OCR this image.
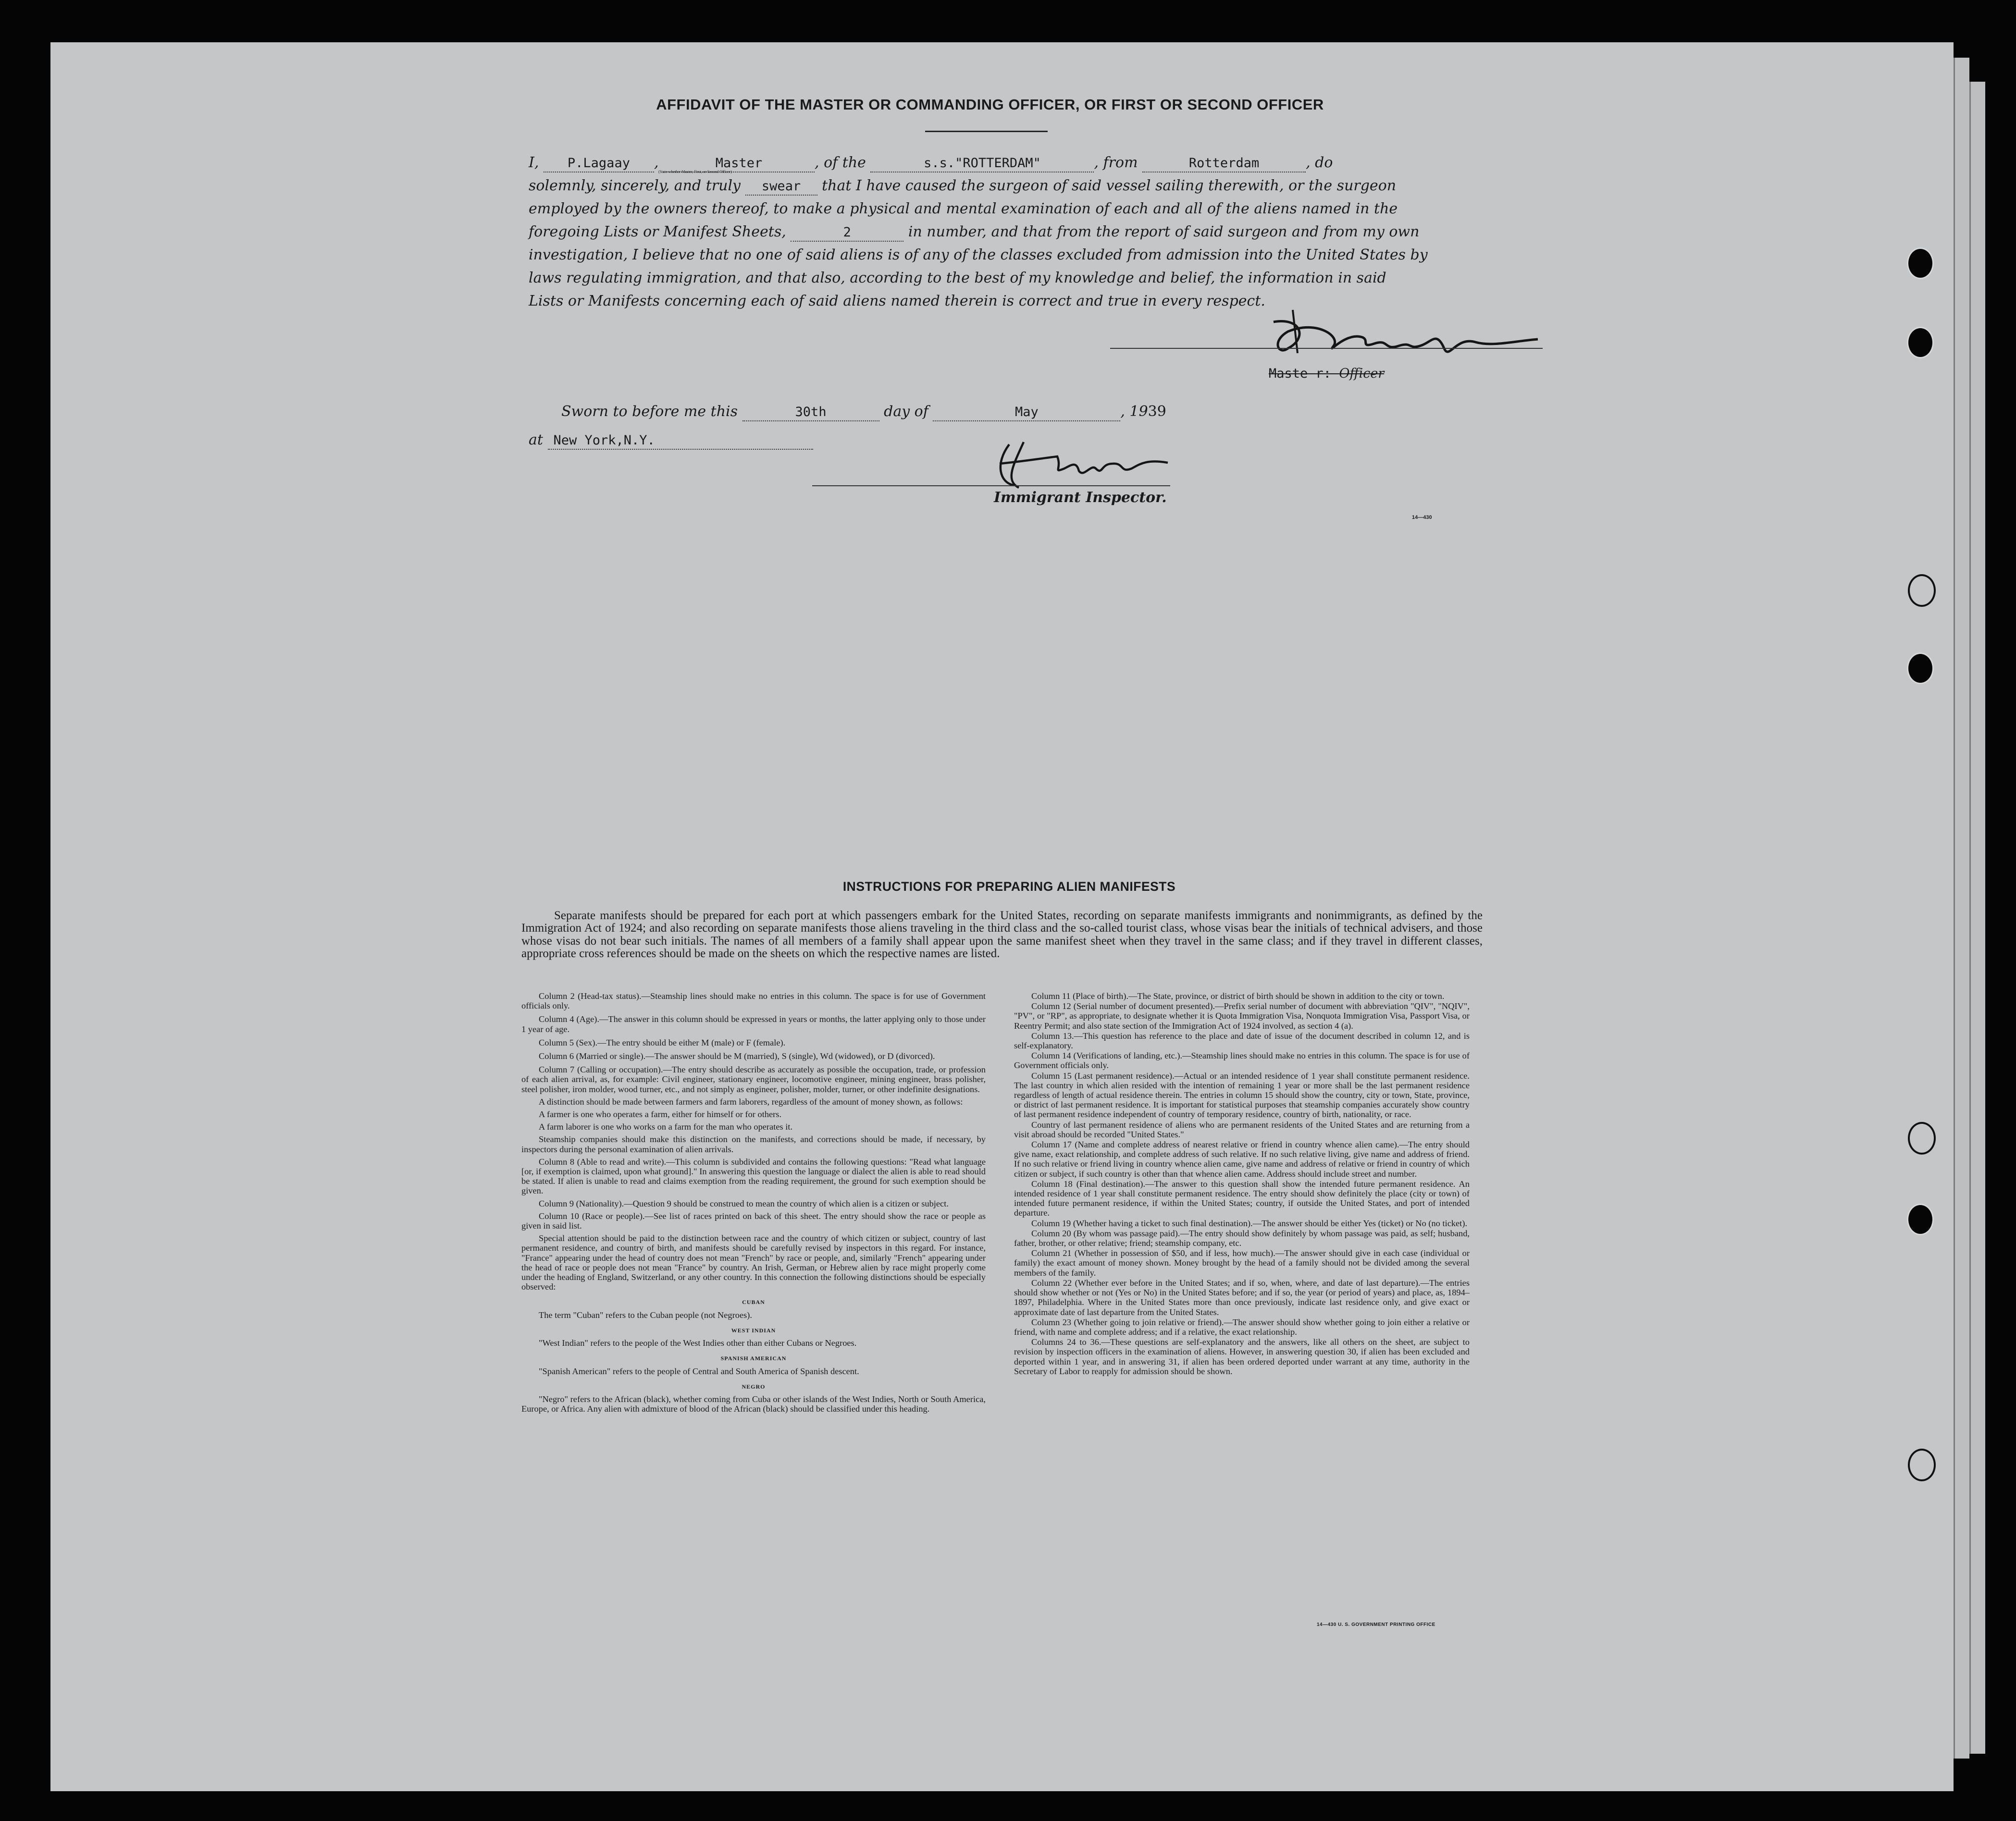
AFFIDAVIT OF THE MASTER OR COMMANDING OFFICER, OR FIRST OR SECOND OFFICER
I, P.Lagaay ,	Master
(State whether Master, First, or Second Officer)
, of the	s.s."ROTTERDAM"	, from	Rotterdam	, do
solemnly, sincerely, and truly swear that I have caused the surgeon of said vessel sailing therewith, or the surgeon
employed by the owners thereof, to make a physical and mental examination of each and all of the aliens named in the
foregoing Lists or Manifest Sheets,	2	in number, and that from the report of said surgeon and from my own
investigation, I believe that no one of said aliens is of any of the classes excluded from admission into the United States by
laws regulating immigration, and that also, according to the best of my knowledge and belief, the information in said
Lists or Manifests concerning each of said aliens named therein is correct and true in every respect.
Maste r: Officer
Sworn to before me this	30th	day of	May	, 1939
at New York,N.Y.
Immigrant Inspector.
14—430
INSTRUCTIONS FOR PREPARING ALIEN MANIFESTS
Separate manifests should be prepared for each port at which passengers embark for the United States, recording on separate manifests immigrants and nonimmigrants, as defined by the Immigration Act of 1924; and also recording on separate manifests those aliens traveling in the third class and the so-called tourist class, whose visas bear the initials of technical advisers, and those whose visas do not bear such initials. The names of all members of a family shall appear upon the same manifest sheet when they travel in the same class; and if they travel in different classes, appropriate cross references should be made on the sheets on which the respective names are listed.

Column 2 (Head-tax status).—Steamship lines should make no entries in this column. The space is for use of Government officials only.

Column 4 (Age).—The answer in this column should be expressed in years or months, the latter applying only to those under 1 year of age.

Column 5 (Sex).—The entry should be either M (male) or F (female).

Column 6 (Married or single).—The answer should be M (married), S (single), Wd (widowed), or D (divorced).

Column 7 (Calling or occupation).—The entry should describe as accurately as possible the occupation, trade, or profession of each alien arrival, as, for example: Civil engineer, stationary engineer, locomotive engineer, mining engineer, brass polisher, steel polisher, iron molder, wood turner, etc., and not simply as engineer, polisher, molder, turner, or other indefinite designations.

A distinction should be made between farmers and farm laborers, regardless of the amount of money shown, as follows:

A farmer is one who operates a farm, either for himself or for others.

A farm laborer is one who works on a farm for the man who operates it.

Steamship companies should make this distinction on the manifests, and corrections should be made, if necessary, by inspectors during the personal examination of alien arrivals.

Column 8 (Able to read and write).—This column is subdivided and contains the following questions: "Read what language [or, if exemption is claimed, upon what ground]." In answering this question the language or dialect the alien is able to read should be stated. If alien is unable to read and claims exemption from the reading requirement, the ground for such exemption should be given.

Column 9 (Nationality).—Question 9 should be construed to mean the country of which alien is a citizen or subject.

Column 10 (Race or people).—See list of races printed on back of this sheet. The entry should show the race or people as given in said list.

Special attention should be paid to the distinction between race and the country of which citizen or subject, country of last permanent residence, and country of birth, and manifests should be carefully revised by inspectors in this regard. For instance, "France" appearing under the head of country does not mean "French" by race or people, and, similarly "French" appearing under the head of race or people does not mean "France" by country. An Irish, German, or Hebrew alien by race might properly come under the heading of England, Switzerland, or any other country. In this connection the following distinctions should be especially observed:

CUBAN

The term "Cuban" refers to the Cuban people (not Negroes).

WEST INDIAN

"West Indian" refers to the people of the West Indies other than either Cubans or Negroes.

SPANISH AMERICAN

"Spanish American" refers to the people of Central and South America of Spanish descent.

NEGRO

"Negro" refers to the African (black), whether coming from Cuba or other islands of the West Indies, North or South America, Europe, or Africa. Any alien with admixture of blood of the African (black) should be classified under this heading.

Column 11 (Place of birth).—The State, province, or district of birth should be shown in addition to the city or town.

Column 12 (Serial number of document presented).—Prefix serial number of document with abbreviation "QIV", "NQIV", "PV", or "RP", as appropriate, to designate whether it is Quota Immigration Visa, Nonquota Immigration Visa, Passport Visa, or Reentry Permit; and also state section of the Immigration Act of 1924 involved, as section 4 (a).

Column 13.—This question has reference to the place and date of issue of the document described in column 12, and is self-explanatory.

Column 14 (Verifications of landing, etc.).—Steamship lines should make no entries in this column. The space is for use of Government officials only.

Column 15 (Last permanent residence).—Actual or an intended residence of 1 year shall constitute permanent residence. The last country in which alien resided with the intention of remaining 1 year or more shall be the last permanent residence regardless of length of actual residence therein. The entries in column 15 should show the country, city or town, State, province, or district of last permanent residence. It is important for statistical purposes that steamship companies accurately show country of last permanent residence independent of country of temporary residence, country of birth, nationality, or race.

Country of last permanent residence of aliens who are permanent residents of the United States and are returning from a visit abroad should be recorded "United States."

Column 17 (Name and complete address of nearest relative or friend in country whence alien came).—The entry should give name, exact relationship, and complete address of such relative. If no such relative living, give name and address of friend. If no such relative or friend living in country whence alien came, give name and address of relative or friend in country of which citizen or subject, if such country is other than that whence alien came. Address should include street and number.

Column 18 (Final destination).—The answer to this question shall show the intended future permanent residence. An intended residence of 1 year shall constitute permanent residence. The entry should show definitely the place (city or town) of intended future permanent residence, if within the United States; country, if outside the United States, and port of intended departure.

Column 19 (Whether having a ticket to such final destination).—The answer should be either Yes (ticket) or No (no ticket).

Column 20 (By whom was passage paid).—The entry should show definitely by whom passage was paid, as self; husband, father, brother, or other relative; friend; steamship company, etc.

Column 21 (Whether in possession of $50, and if less, how much).—The answer should give in each case (individual or family) the exact amount of money shown. Money brought by the head of a family should not be divided among the several members of the family.

Column 22 (Whether ever before in the United States; and if so, when, where, and date of last departure).—The entries should show whether or not (Yes or No) in the United States before; and if so, the year (or period of years) and place, as, 1894–1897, Philadelphia. Where in the United States more than once previously, indicate last residence only, and give exact or approximate date of last departure from the United States.

Column 23 (Whether going to join relative or friend).—The answer should show whether going to join either a relative or friend, with name and complete address; and if a relative, the exact relationship.

Columns 24 to 36.—These questions are self-explanatory and the answers, like all others on the sheet, are subject to revision by inspection officers in the examination of aliens. However, in answering question 30, if alien has been excluded and deported within 1 year, and in answering 31, if alien has been ordered deported under warrant at any time, authority in the Secretary of Labor to reapply for admission should be shown.

14—430 U. S. GOVERNMENT PRINTING OFFICE
